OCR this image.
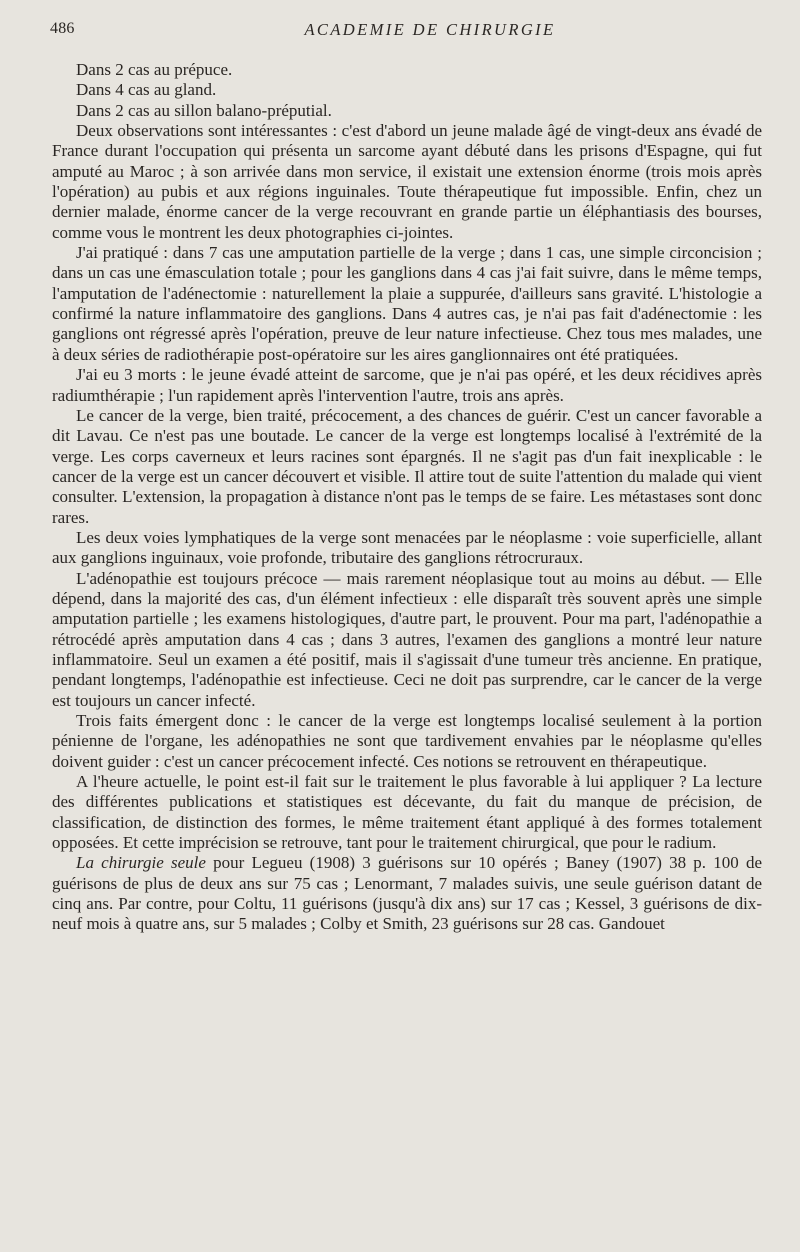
486	ACADEMIE DE CHIRURGIE

Dans 2 cas au prépuce.

Dans 4 cas au gland.

Dans 2 cas au sillon balano-préputial.

Deux observations sont intéressantes : c'est d'abord un jeune malade âgé de vingt-deux ans évadé de France durant l'occupation qui présenta un sarcome ayant débuté dans les prisons d'Espagne, qui fut amputé au Maroc ; à son arrivée dans mon service, il existait une extension énorme (trois mois après l'opération) au pubis et aux régions inguinales. Toute thérapeutique fut impossible. Enfin, chez un dernier malade, énorme cancer de la verge recouvrant en grande partie un éléphantiasis des bourses, comme vous le montrent les deux photographies ci-jointes.

J'ai pratiqué : dans 7 cas une amputation partielle de la verge ; dans 1 cas, une simple circoncision ; dans un cas une émasculation totale ; pour les ganglions dans 4 cas j'ai fait suivre, dans le même temps, l'amputation de l'adénectomie : naturellement la plaie a suppurée, d'ailleurs sans gravité. L'histologie a confirmé la nature inflammatoire des ganglions. Dans 4 autres cas, je n'ai pas fait d'adénectomie : les ganglions ont régressé après l'opération, preuve de leur nature infectieuse. Chez tous mes malades, une à deux séries de radiothérapie post-opératoire sur les aires ganglionnaires ont été pratiquées.

J'ai eu 3 morts : le jeune évadé atteint de sarcome, que je n'ai pas opéré, et les deux récidives après radiumthérapie ; l'un rapidement après l'intervention l'autre, trois ans après.

Le cancer de la verge, bien traité, précocement, a des chances de guérir. C'est un cancer favorable a dit Lavau. Ce n'est pas une boutade. Le cancer de la verge est longtemps localisé à l'extrémité de la verge. Les corps caverneux et leurs racines sont épargnés. Il ne s'agit pas d'un fait inexplicable : le cancer de la verge est un cancer découvert et visible. Il attire tout de suite l'attention du malade qui vient consulter. L'extension, la propagation à distance n'ont pas le temps de se faire. Les métastases sont donc rares.

Les deux voies lymphatiques de la verge sont menacées par le néoplasme : voie superficielle, allant aux ganglions inguinaux, voie profonde, tributaire des ganglions rétrocruraux.

L'adénopathie est toujours précoce — mais rarement néoplasique tout au moins au début. — Elle dépend, dans la majorité des cas, d'un élément infectieux : elle disparaît très souvent après une simple amputation partielle ; les examens histologiques, d'autre part, le prouvent. Pour ma part, l'adénopathie a rétrocédé après amputation dans 4 cas ; dans 3 autres, l'examen des ganglions a montré leur nature inflammatoire. Seul un examen a été positif, mais il s'agissait d'une tumeur très ancienne. En pratique, pendant longtemps, l'adénopathie est infectieuse. Ceci ne doit pas surprendre, car le cancer de la verge est toujours un cancer infecté.

Trois faits émergent donc : le cancer de la verge est longtemps localisé seulement à la portion pénienne de l'organe, les adénopathies ne sont que tardivement envahies par le néoplasme qu'elles doivent guider : c'est un cancer précocement infecté. Ces notions se retrouvent en thérapeutique.

A l'heure actuelle, le point est-il fait sur le traitement le plus favorable à lui appliquer ? La lecture des différentes publications et statistiques est décevante, du fait du manque de précision, de classification, de distinction des formes, le même traitement étant appliqué à des formes totalement opposées. Et cette imprécision se retrouve, tant pour le traitement chirurgical, que pour le radium.

La chirurgie seule pour Legueu (1908) 3 guérisons sur 10 opérés ; Baney (1907) 38 p. 100 de guérisons de plus de deux ans sur 75 cas ; Lenormant, 7 malades suivis, une seule guérison datant de cinq ans. Par contre, pour Coltu, 11 guérisons (jusqu'à dix ans) sur 17 cas ; Kessel, 3 guérisons de dix-neuf mois à quatre ans, sur 5 malades ; Colby et Smith, 23 guérisons sur 28 cas. Gandouet
